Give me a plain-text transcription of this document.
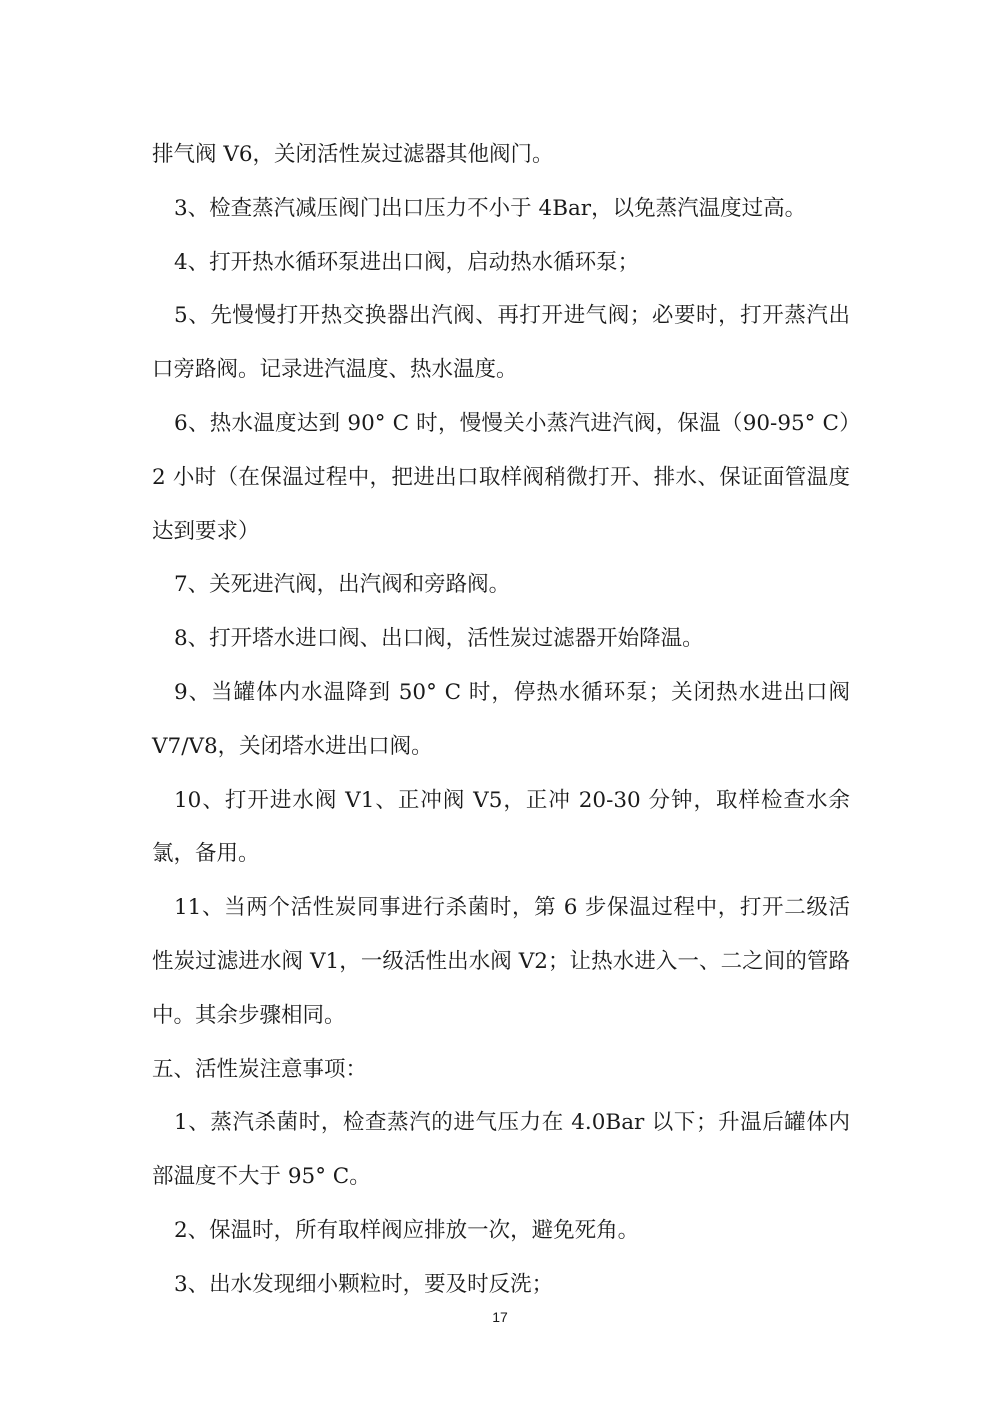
排气阀 V6，关闭活性炭过滤器其他阀门。

3、检查蒸汽减压阀门出口压力不小于 4Bar，以免蒸汽温度过高。

4、打开热水循环泵进出口阀，启动热水循环泵；

5、先慢慢打开热交换器出汽阀、再打开进气阀；必要时，打开蒸汽出口旁路阀。记录进汽温度、热水温度。

6、热水温度达到 90° C 时，慢慢关小蒸汽进汽阀，保温（90-95° C）2 小时（在保温过程中，把进出口取样阀稍微打开、排水、保证面管温度达到要求）

7、关死进汽阀，出汽阀和旁路阀。

8、打开塔水进口阀、出口阀，活性炭过滤器开始降温。

9、当罐体内水温降到 50° C 时，停热水循环泵；关闭热水进出口阀 V7/V8，关闭塔水进出口阀。

10、打开进水阀 V1、正冲阀 V5，正冲 20-30 分钟，取样检查水余氯，备用。

11、当两个活性炭同事进行杀菌时，第 6 步保温过程中，打开二级活性炭过滤进水阀 V1，一级活性出水阀 V2；让热水进入一、二之间的管路中。其余步骤相同。

五、活性炭注意事项：

1、蒸汽杀菌时，检查蒸汽的进气压力在 4.0Bar 以下；升温后罐体内部温度不大于 95° C。

2、保温时，所有取样阀应排放一次，避免死角。

3、出水发现细小颗粒时，要及时反洗；

17
